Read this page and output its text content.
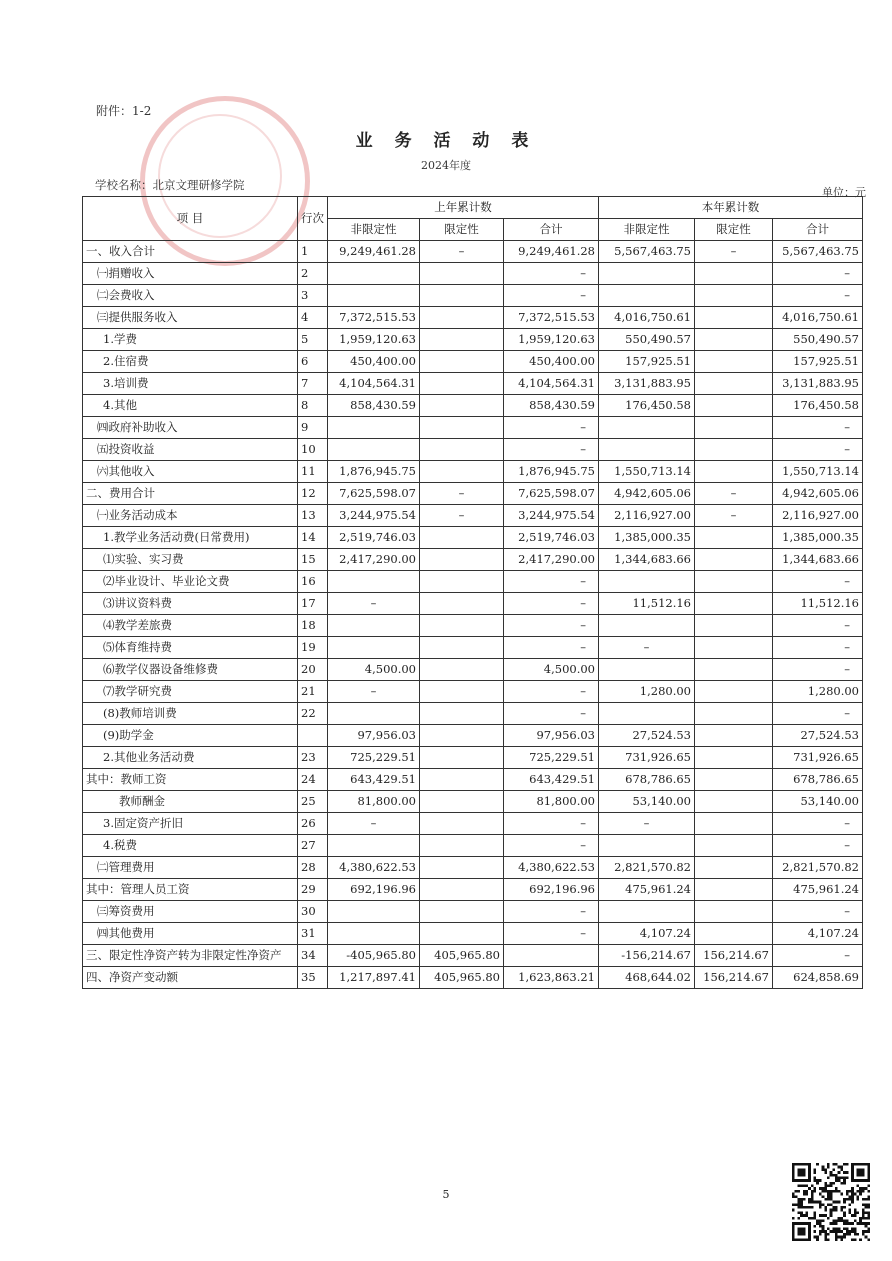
附件：1-2
业 务 活 动 表
2024年度
学校名称：北京文理研修学院
单位：元
项 目	行次	上年累计数			本年累计数		
		非限定性	限定性	合计	非限定性	限定性	合计
一、收入合计	1	9,249,461.28	–	9,249,461.28	5,567,463.75	–	5,567,463.75
㈠捐赠收入	2			–			–
㈡会费收入	3			–			–
㈢提供服务收入	4	7,372,515.53		7,372,515.53	4,016,750.61		4,016,750.61
1.学费	5	1,959,120.63		1,959,120.63	550,490.57		550,490.57
2.住宿费	6	450,400.00		450,400.00	157,925.51		157,925.51
3.培训费	7	4,104,564.31		4,104,564.31	3,131,883.95		3,131,883.95
4.其他	8	858,430.59		858,430.59	176,450.58		176,450.58
㈣政府补助收入	9			–			–
㈤投资收益	10			–			–
㈥其他收入	11	1,876,945.75		1,876,945.75	1,550,713.14		1,550,713.14
二、费用合计	12	7,625,598.07	–	7,625,598.07	4,942,605.06	–	4,942,605.06
㈠业务活动成本	13	3,244,975.54	–	3,244,975.54	2,116,927.00	–	2,116,927.00
1.教学业务活动费(日常费用)	14	2,519,746.03		2,519,746.03	1,385,000.35		1,385,000.35
⑴实验、实习费	15	2,417,290.00		2,417,290.00	1,344,683.66		1,344,683.66
⑵毕业设计、毕业论文费	16			–			–
⑶讲议资料费	17	–		–	11,512.16		11,512.16
⑷教学差旅费	18			–			–
⑸体育维持费	19			–	–		–
⑹教学仪器设备维修费	20	4,500.00		4,500.00			–
⑺教学研究费	21	–		–	1,280.00		1,280.00
(8)教师培训费	22			–			–
(9)助学金		97,956.03		97,956.03	27,524.53		27,524.53
2.其他业务活动费	23	725,229.51		725,229.51	731,926.65		731,926.65
其中：教师工资	24	643,429.51		643,429.51	678,786.65		678,786.65
教师酬金	25	81,800.00		81,800.00	53,140.00		53,140.00
3.固定资产折旧	26	–		–	–		–
4.税费	27			–			–
㈡管理费用	28	4,380,622.53		4,380,622.53	2,821,570.82		2,821,570.82
其中：管理人员工资	29	692,196.96		692,196.96	475,961.24		475,961.24
㈢筹资费用	30			–			–
㈣其他费用	31			–	4,107.24		4,107.24
三、限定性净资产转为非限定性净资产	34	-405,965.80	405,965.80		-156,214.67	156,214.67	–
四、净资产变动额	35	1,217,897.41	405,965.80	1,623,863.21	468,644.02	156,214.67	624,858.69
5
